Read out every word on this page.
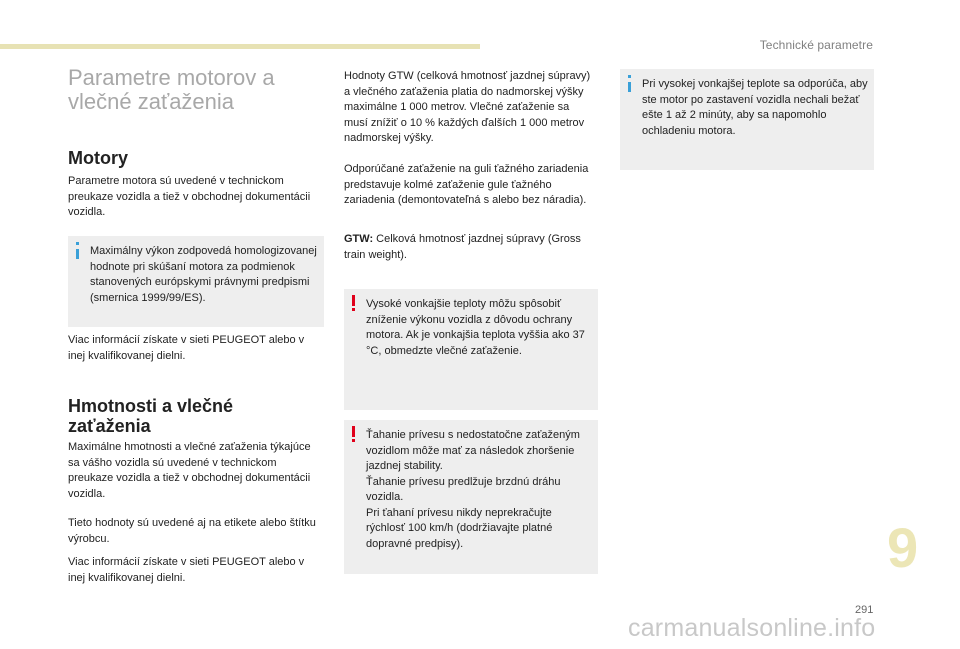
Technické parametre
Parametre motorov a vlečné zaťaženia
Motory

Parametre motora sú uvedené v technickom preukaze vozidla a tiež v obchodnej dokumentácii vozidla.

Maximálny výkon zodpovedá homologizovanej hodnote pri skúšaní motora za podmienok stanovených európskymi právnymi predpismi (smernica 1999/99/ES).

Viac informácií získate v sieti PEUGEOT alebo v inej kvalifikovanej dielni.

Hmotnosti a vlečné zaťaženia

Maximálne hmotnosti a vlečné zaťaženia týkajúce sa vášho vozidla sú uvedené v technickom preukaze vozidla a tiež v obchodnej dokumentácii vozidla.

Tieto hodnoty sú uvedené aj na etikete alebo štítku výrobcu.

Viac informácií získate v sieti PEUGEOT alebo v inej kvalifikovanej dielni.

Hodnoty GTW (celková hmotnosť jazdnej súpravy) a vlečného zaťaženia platia do nadmorskej výšky maximálne 1 000 metrov. Vlečné zaťaženie sa musí znížiť o 10 % každých ďalších 1 000 metrov nadmorskej výšky.

Odporúčané zaťaženie na guli ťažného zariadenia predstavuje kolmé zaťaženie gule ťažného zariadenia (demontovateľná s alebo bez náradia).

GTW: Celková hmotnosť jazdnej súpravy (Gross train weight).

Vysoké vonkajšie teploty môžu spôsobiť zníženie výkonu vozidla z dôvodu ochrany motora. Ak je vonkajšia teplota vyššia ako 37 °C, obmedzte vlečné zaťaženie.
Ťahanie prívesu s nedostatočne zaťaženým vozidlom môže mať za následok zhoršenie jazdnej stability.
Ťahanie prívesu predlžuje brzdnú dráhu vozidla.
Pri ťahaní prívesu nikdy neprekračujte rýchlosť 100 km/h (dodržiavajte platné dopravné predpisy).
Pri vysokej vonkajšej teplote sa odporúča, aby ste motor po zastavení vozidla nechali bežať ešte 1 až 2 minúty, aby sa napomohlo ochladeniu motora.
9
291
carmanualsonline.info
